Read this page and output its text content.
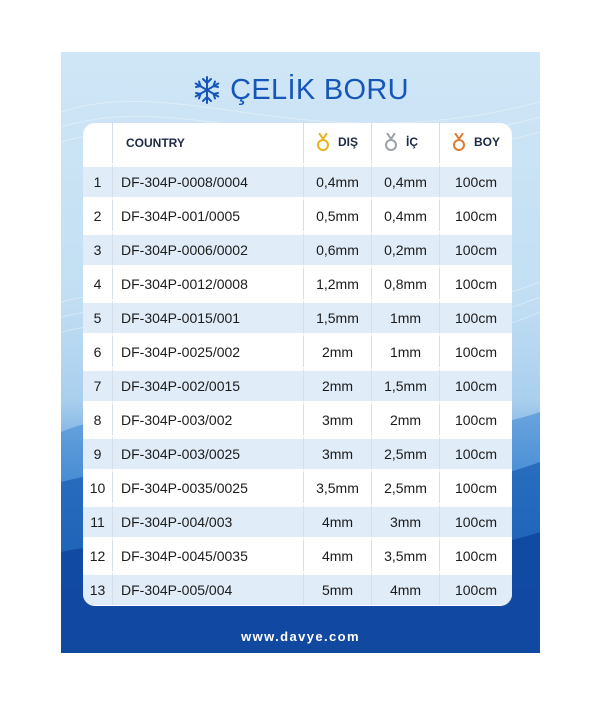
ÇELİK BORU
	COUNTRY	DIŞ	İÇ	BOY

1	DF-304P-0008/0004	0,4mm	0,4mm	100cm
2	DF-304P-001/0005	0,5mm	0,4mm	100cm
3	DF-304P-0006/0002	0,6mm	0,2mm	100cm
4	DF-304P-0012/0008	1,2mm	0,8mm	100cm
5	DF-304P-0015/001	1,5mm	1mm	100cm
6	DF-304P-0025/002	2mm	1mm	100cm
7	DF-304P-002/0015	2mm	1,5mm	100cm
8	DF-304P-003/002	3mm	2mm	100cm
9	DF-304P-003/0025	3mm	2,5mm	100cm
10	DF-304P-0035/0025	3,5mm	2,5mm	100cm
11	DF-304P-004/003	4mm	3mm	100cm
12	DF-304P-0045/0035	4mm	3,5mm	100cm
13	DF-304P-005/004	5mm	4mm	100cm
www.davye.com
